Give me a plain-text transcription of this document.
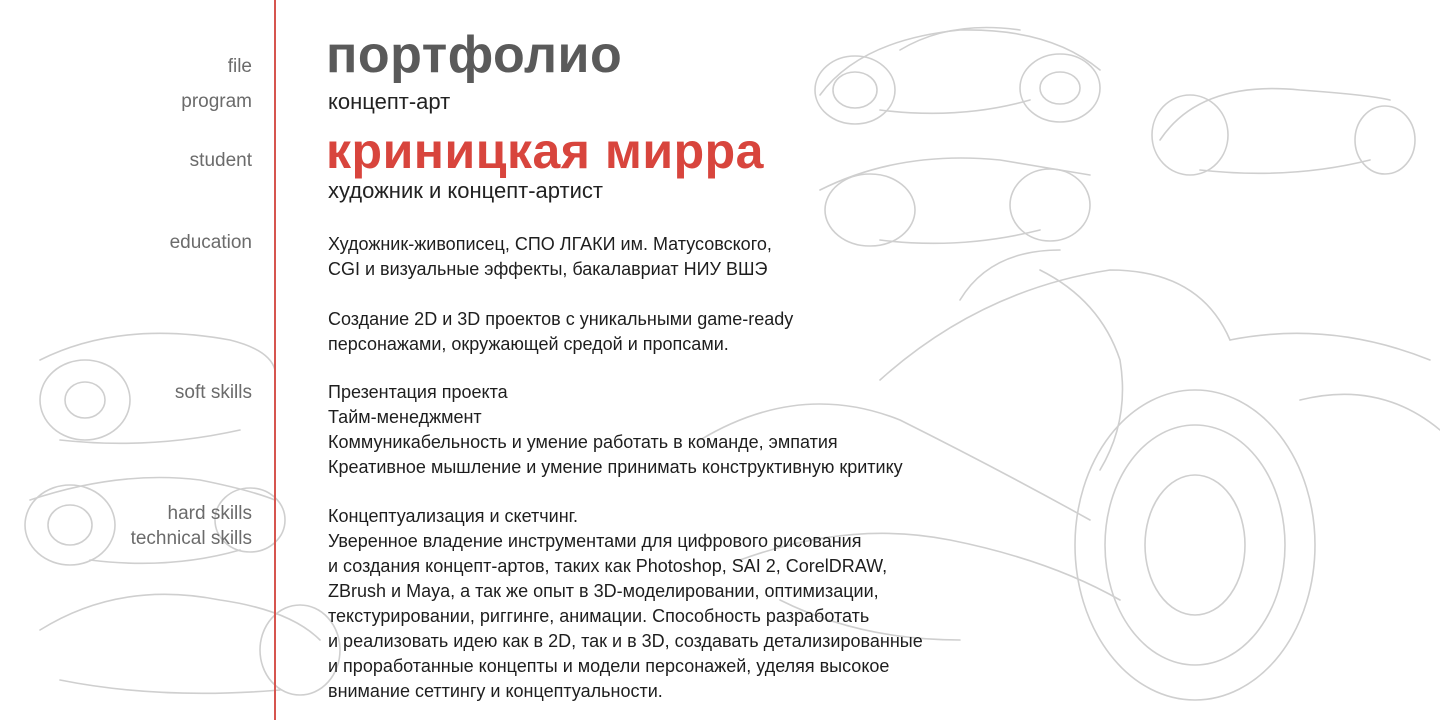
file
program
student
education
soft skills
hard skills
technical skills
портфолио
концепт-арт
криницкая мирра
художник и концепт-артист
Художник-живописец, СПО ЛГАКИ им. Матусовского,
CGI и визуальные эффекты, бакалавриат НИУ ВШЭ
Создание 2D и 3D проектов с уникальными game-ready
персонажами, окружающей средой и пропсами.
Презентация проекта
Тайм-менеджмент
Коммуникабельность и умение работать в команде, эмпатия
Креативное мышление и умение принимать конструктивную критику
Концептуализация и скетчинг.
Уверенное владение инструментами для цифрового рисования
и создания концепт-артов, таких как Photoshop, SAI 2, CorelDRAW,
ZBrush и Maya, а так же опыт в 3D-моделировании, оптимизации,
текстурировании, риггинге, анимации. Способность разработать
и реализовать идею как в 2D, так и в 3D, создавать детализированные
и проработанные концепты и модели персонажей, уделяя высокое
внимание сеттингу и концептуальности.
